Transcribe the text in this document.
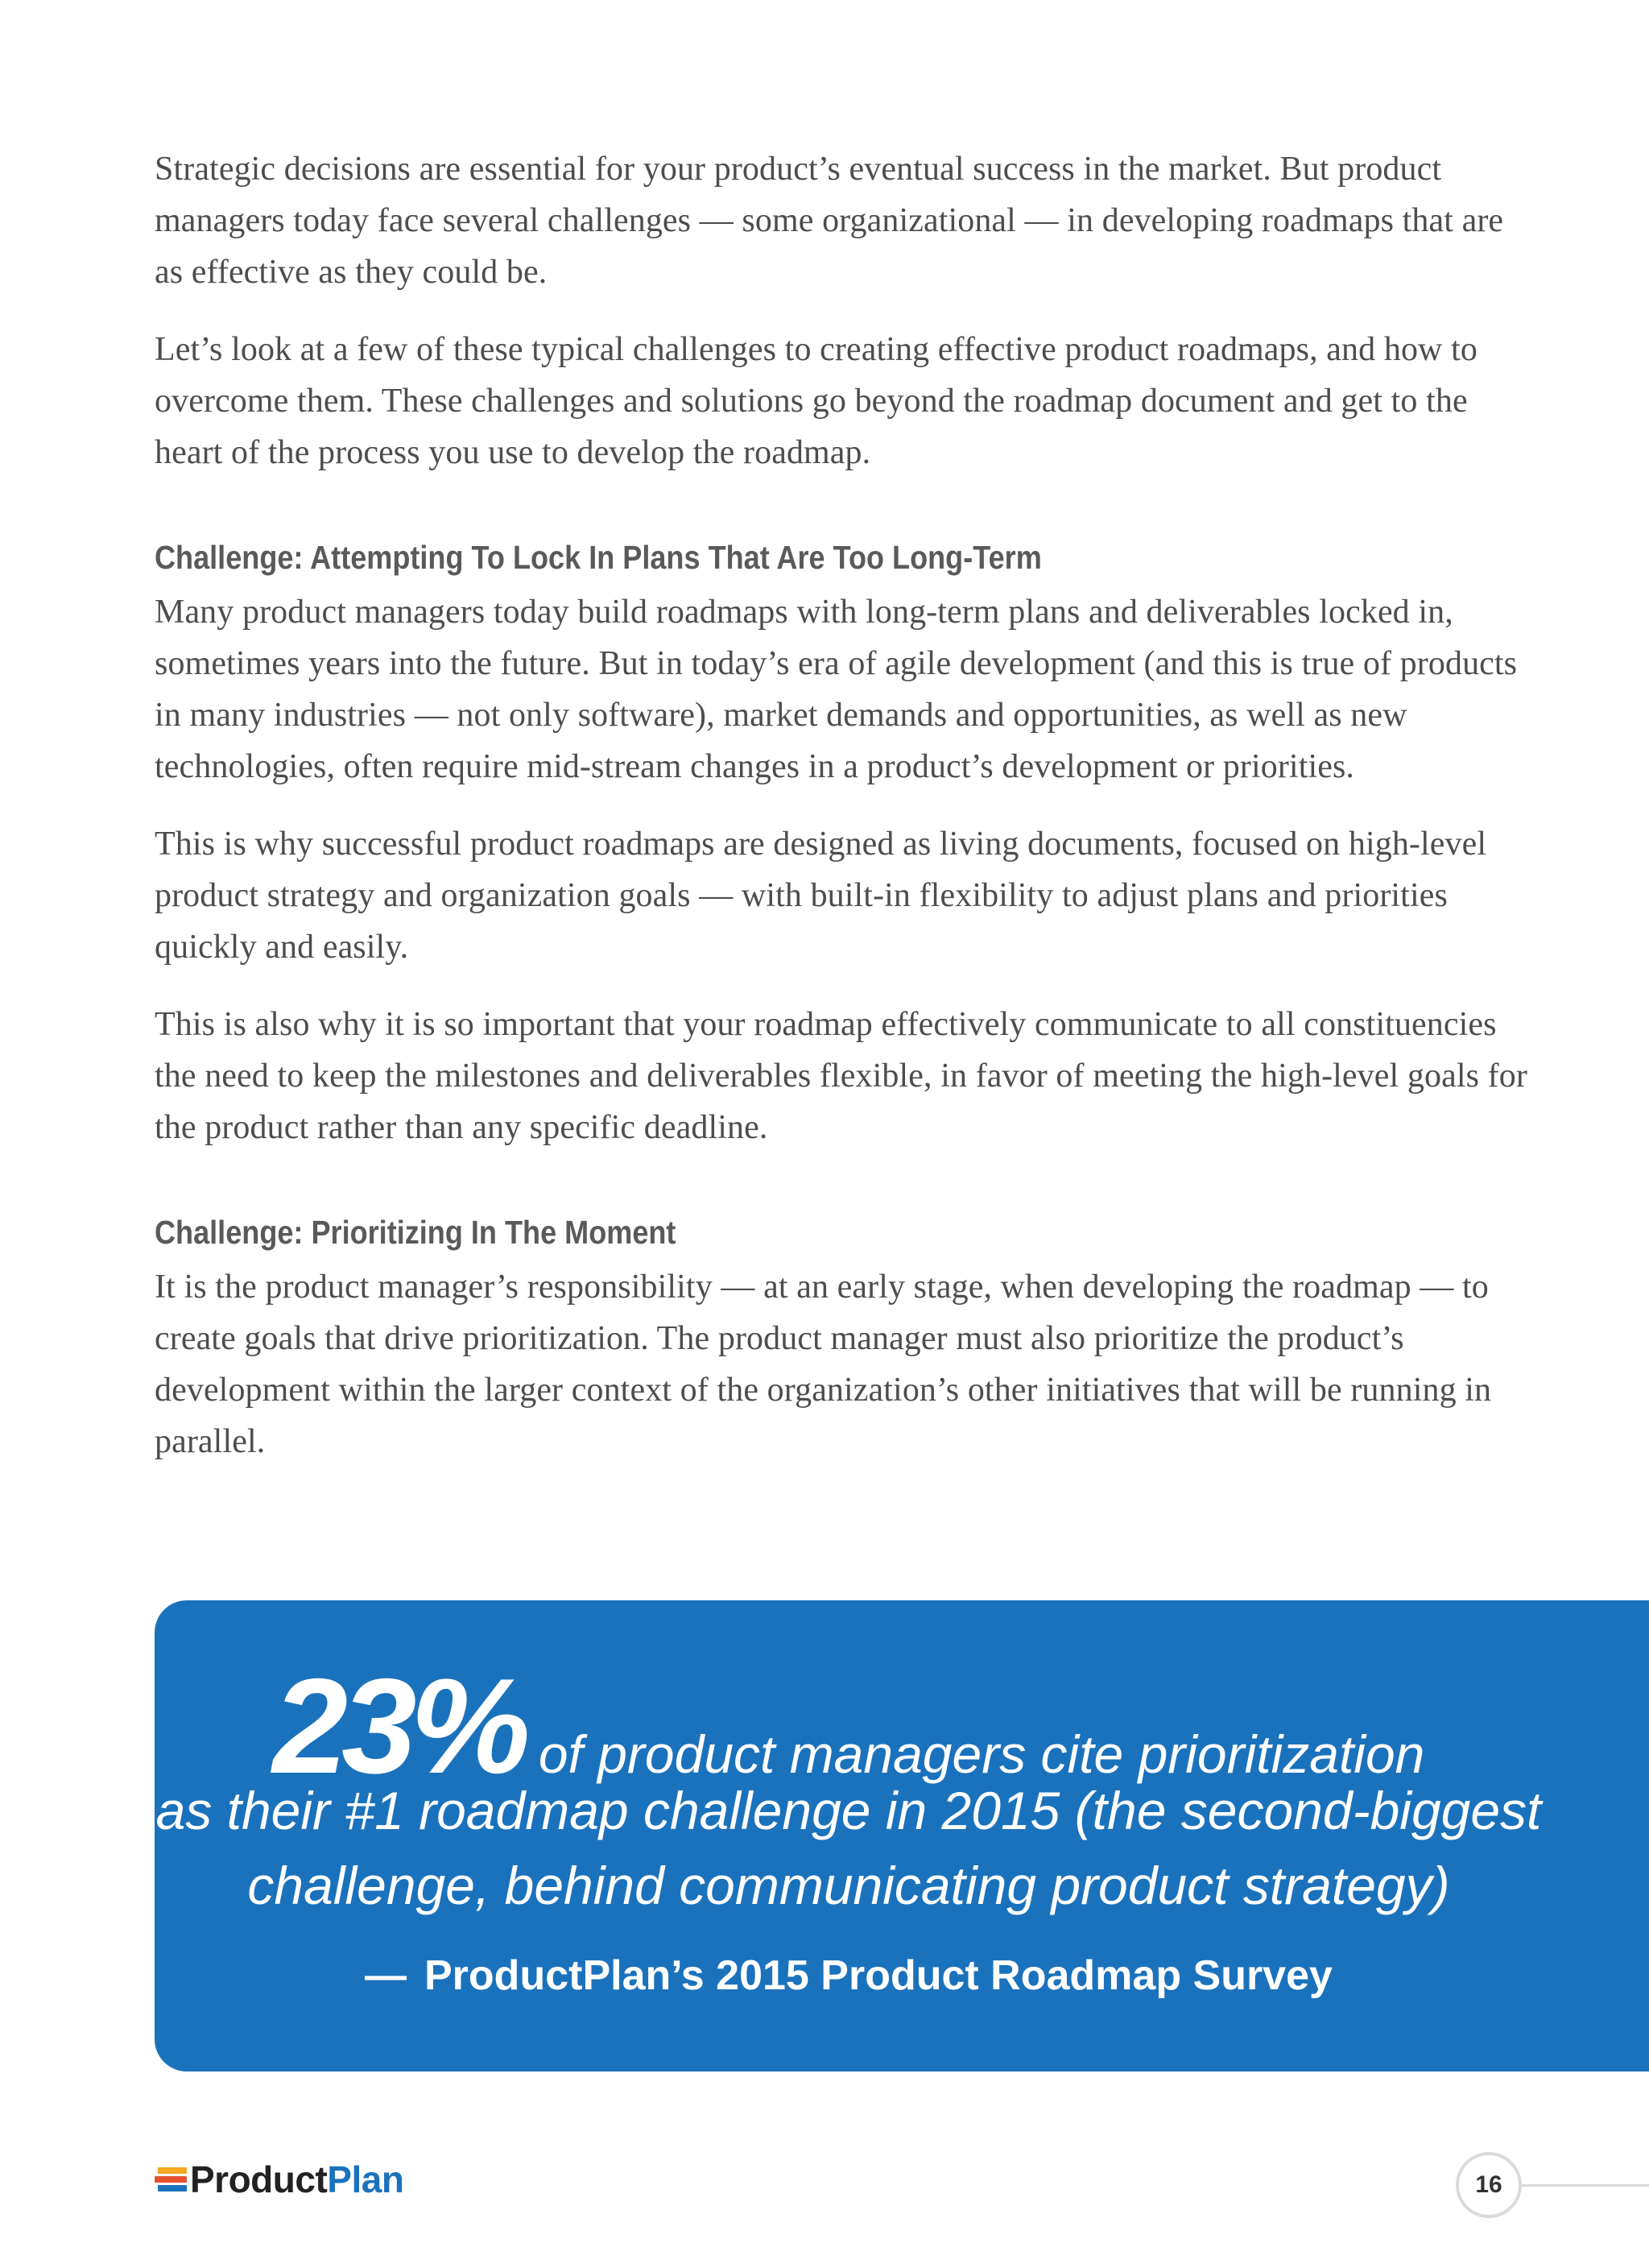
Strategic decisions are essential for your product’s eventual success in the market. But product managers today face several challenges — some organizational — in developing roadmaps that are as effective as they could be.

Let’s look at a few of these typical challenges to creating effective product roadmaps, and how to overcome them. These challenges and solutions go beyond the roadmap document and get to the heart of the process you use to develop the roadmap.

Challenge: Attempting To Lock In Plans That Are Too Long-Term

Many product managers today build roadmaps with long-term plans and deliverables locked in, sometimes years into the future. But in today’s era of agile development (and this is true of products in many industries — not only software), market demands and opportunities, as well as new technologies, often require mid-stream changes in a product’s development or priorities.

This is why successful product roadmaps are designed as living documents, focused on high-level product strategy and organization goals — with built-in flexibility to adjust plans and priorities quickly and easily.

This is also why it is so important that your roadmap effectively communicate to all constituencies the need to keep the milestones and deliverables flexible, in favor of meeting the high-level goals for the product rather than any specific deadline.

Challenge: Prioritizing In The Moment

It is the product manager’s responsibility — at an early stage, when developing the roadmap — to create goals that drive prioritization. The product manager must also prioritize the product’s development within the larger context of the organization’s other initiatives that will be running in parallel.

23% of product managers cite prioritization
as their #1 roadmap challenge in 2015 (the second-biggest
challenge, behind communicating product strategy)
— ProductPlan’s 2015 Product Roadmap Survey
Product Plan	16
